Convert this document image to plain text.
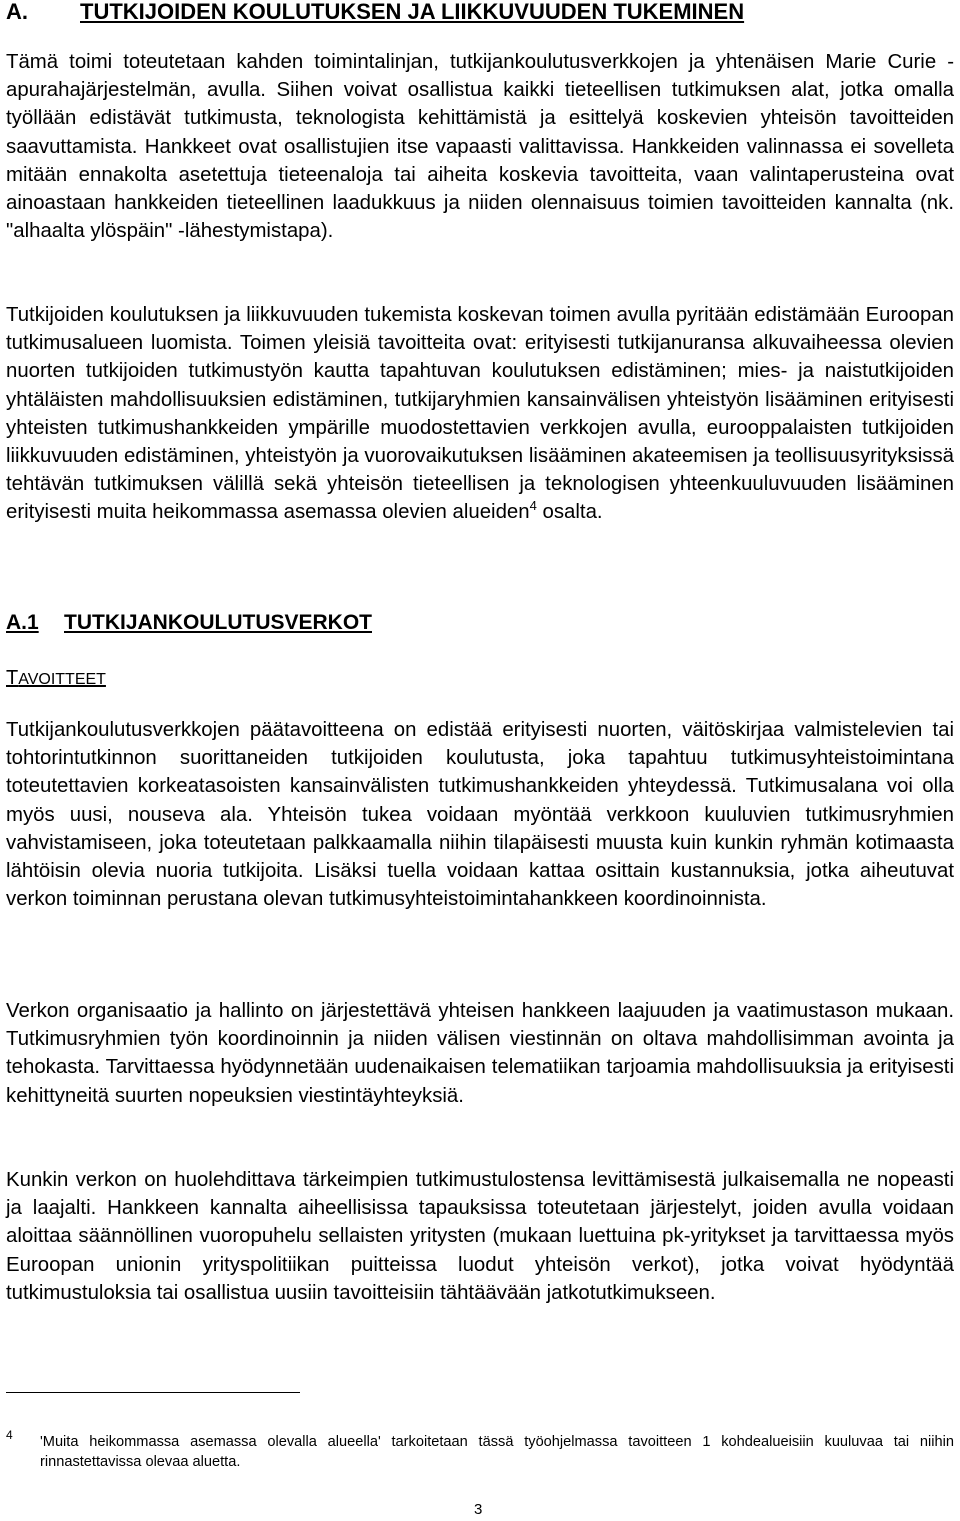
A. TUTKIJOIDEN KOULUTUKSEN JA LIIKKUVUUDEN TUKEMINEN

Tämä toimi toteutetaan kahden toimintalinjan, tutkijankoulutusverkkojen ja yhtenäisen Marie Curie -apurahajärjestelmän, avulla. Siihen voivat osallistua kaikki tieteellisen tutkimuksen alat, jotka omalla työllään edistävät tutkimusta, teknologista kehittämistä ja esittelyä koskevien yhteisön tavoitteiden saavuttamista. Hankkeet ovat osallistujien itse vapaasti valittavissa. Hankkeiden valinnassa ei sovelleta mitään ennakolta asetettuja tieteenaloja tai aiheita koskevia tavoitteita, vaan valintaperusteina ovat ainoastaan hankkeiden tieteellinen laadukkuus ja niiden olennaisuus toimien tavoitteiden kannalta (nk. "alhaalta ylöspäin" -lähestymistapa).

Tutkijoiden koulutuksen ja liikkuvuuden tukemista koskevan toimen avulla pyritään edistämään Euroopan tutkimusalueen luomista. Toimen yleisiä tavoitteita ovat: erityisesti tutkijanuransa alkuvaiheessa olevien nuorten tutkijoiden tutkimustyön kautta tapahtuvan koulutuksen edistäminen; mies- ja naistutkijoiden yhtäläisten mahdollisuuksien edistäminen, tutkijaryhmien kansainvälisen yhteistyön lisääminen erityisesti yhteisten tutkimushankkeiden ympärille muodostettavien verkkojen avulla, eurooppalaisten tutkijoiden liikkuvuuden edistäminen, yhteistyön ja vuorovaikutuksen lisääminen akateemisen ja teollisuusyrityksissä tehtävän tutkimuksen välillä sekä yhteisön tieteellisen ja teknologisen yhteenkuuluvuuden lisääminen erityisesti muita heikommassa asemassa olevien alueiden$^4$ osalta.

A.1 TUTKIJANKOULUTUSVERKOT
TAVOITTEET

Tutkijankoulutusverkkojen päätavoitteena on edistää erityisesti nuorten, väitöskirjaa valmistelevien tai tohtorintutkinnon suorittaneiden tutkijoiden koulutusta, joka tapahtuu tutkimusyhteistoimintana toteutettavien korkeatasoisten kansainvälisten tutkimushankkeiden yhteydessä. Tutkimusalana voi olla myös uusi, nouseva ala. Yhteisön tukea voidaan myöntää verkkoon kuuluvien tutkimusryhmien vahvistamiseen, joka toteutetaan palkkaamalla niihin tilapäisesti muusta kuin kunkin ryhmän kotimaasta lähtöisin olevia nuoria tutkijoita. Lisäksi tuella voidaan kattaa osittain kustannuksia, jotka aiheutuvat verkon toiminnan perustana olevan tutkimusyhteistoimintahankkeen koordinoinnista.

Verkon organisaatio ja hallinto on järjestettävä yhteisen hankkeen laajuuden ja vaatimustason mukaan. Tutkimusryhmien työn koordinoinnin ja niiden välisen viestinnän on oltava mahdollisimman avointa ja tehokasta. Tarvittaessa hyödynnetään uudenaikaisen telematiikan tarjoamia mahdollisuuksia ja erityisesti kehittyneitä suurten nopeuksien viestintäyhteyksiä.

Kunkin verkon on huolehdittava tärkeimpien tutkimustulostensa levittämisestä julkaisemalla ne nopeasti ja laajalti. Hankkeen kannalta aiheellisissa tapauksissa toteutetaan järjestelyt, joiden avulla voidaan aloittaa säännöllinen vuoropuhelu sellaisten yritysten (mukaan luettuina pk-yritykset ja tarvittaessa myös Euroopan unionin yrityspolitiikan puitteissa luodut yhteisön verkot), jotka voivat hyödyntää tutkimustuloksia tai osallistua uusiin tavoitteisiin tähtäävään jatkotutkimukseen.

4 'Muita heikommassa asemassa olevalla alueella' tarkoitetaan tässä työohjelmassa tavoitteen 1 kohdealueisiin kuuluvaa tai niihin rinnastettavissa olevaa aluetta.

3
